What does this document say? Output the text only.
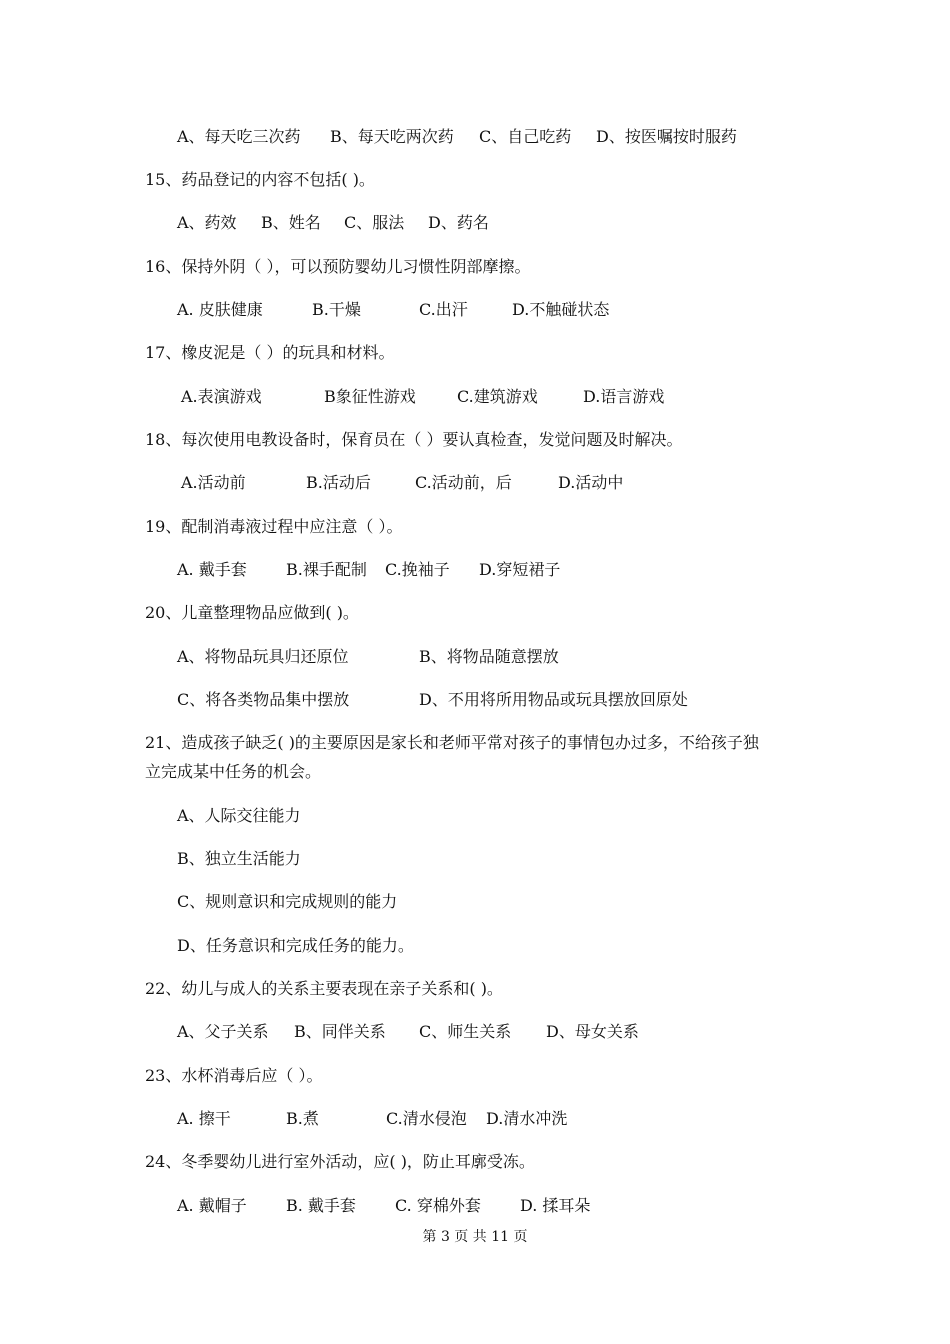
A、每天吃三次药 B、每天吃两次药 C、自己吃药 D、按医嘱按时服药
15、药品登记的内容不包括( )。
A、药效 B、姓名 C、服法 D、药名
16、保持外阴（ ），可以预防婴幼儿习惯性阴部摩擦。
A. 皮肤健康	B.干燥	C.出汗	D.不触碰状态
17、橡皮泥是（ ）的玩具和材料。
A.表演游戏	B象征性游戏	C.建筑游戏	D.语言游戏
18、每次使用电教设备时，保育员在（ ）要认真检查，发觉问题及时解决。
A.活动前	B.活动后	C.活动前，后	D.活动中
19、配制消毒液过程中应注意（ ）。
A. 戴手套 B.裸手配制 C.挽袖子 D.穿短裙子
20、儿童整理物品应做到( )。
A、将物品玩具归还原位	B、将物品随意摆放
C、将各类物品集中摆放	D、不用将所用物品或玩具摆放回原处
21、造成孩子缺乏( )的主要原因是家长和老师平常对孩子的事情包办过多，不给孩子独
立完成某中任务的机会。
A、人际交往能力
B、独立生活能力
C、规则意识和完成规则的能力
D、任务意识和完成任务的能力。
22、幼儿与成人的关系主要表现在亲子关系和( )。
A、父子关系 B、同伴关系 C、师生关系 D、母女关系
23、水杯消毒后应（ ）。
A. 擦干	B.煮	C.清水侵泡 D.清水冲洗
24、冬季婴幼儿进行室外活动，应( )，防止耳廓受冻。
A. 戴帽子 B. 戴手套 C. 穿棉外套 D. 揉耳朵
第 3 页 共 11 页
